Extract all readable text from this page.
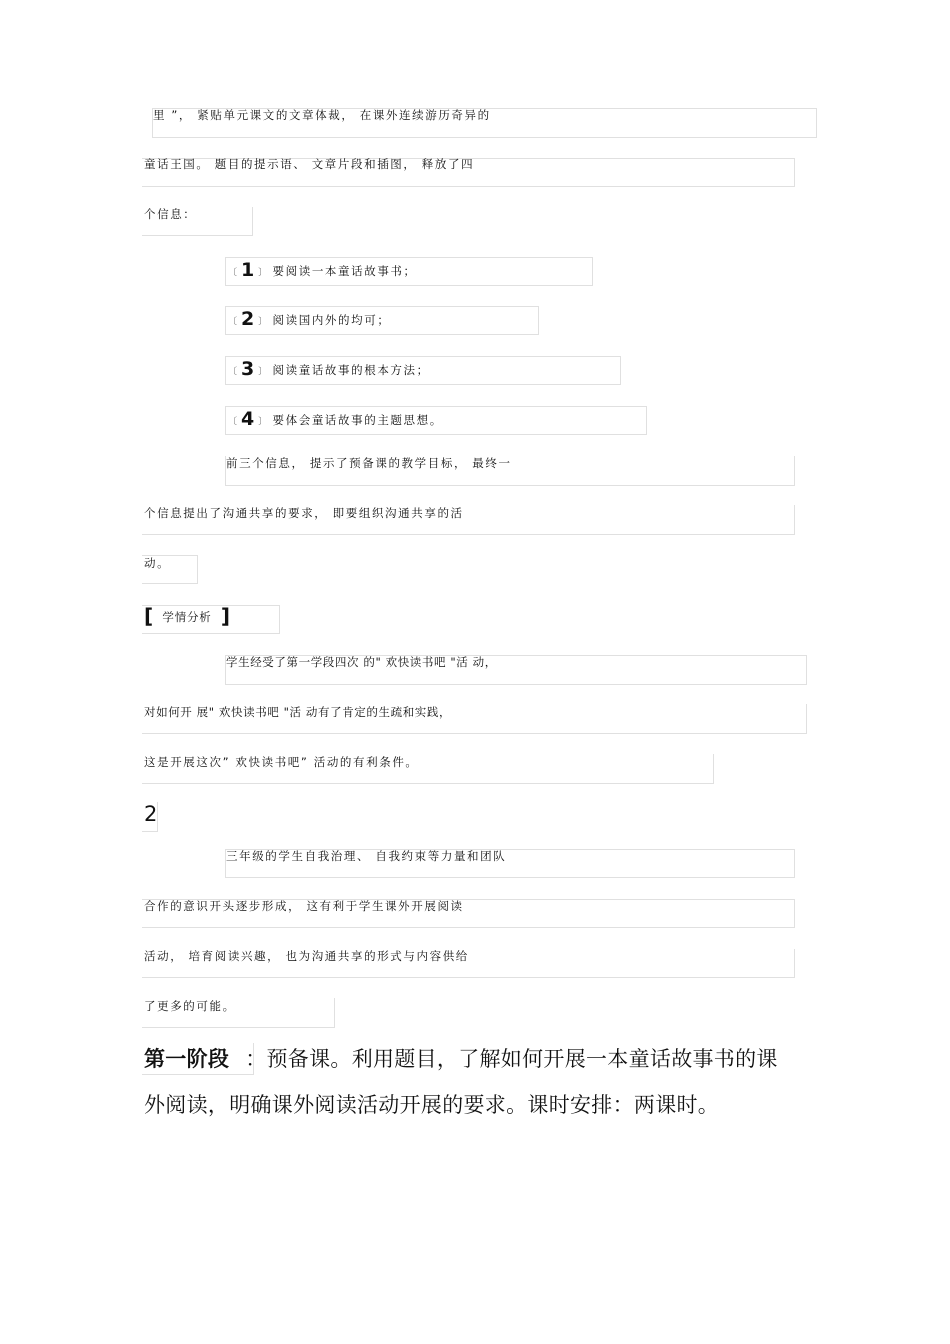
里 ”， 紧贴单元课文的文章体裁， 在课外连续游历奇异的
童话王国。 题目的提示语、 文章片段和插图， 释放了四
个信息：
〔 1 〕 要阅读一本童话故事书；
〔 2 〕 阅读国内外的均可；
〔 3 〕 阅读童话故事的根本方法；
〔 4 〕 要体会童话故事的主题思想。
前三个信息， 提示了预备课的教学目标， 最终一
个信息提出了沟通共享的要求， 即要组织沟通共享的活
动。
[ 学情分析 ]
学生经受了第一学段四次 的" 欢快读书吧 "活 动，
对如何开 展" 欢快读书吧 "活 动有了肯定的生疏和实践，
这是开展这次” 欢快读书吧” 活动的有利条件。
2
三年级的学生自我治理、 自我约束等力量和团队
合作的意识开头逐步形成， 这有利于学生课外开展阅读
活动， 培育阅读兴趣， 也为沟通共享的形式与内容供给
了更多的可能。
第一阶段 ：预备课。利用题目，了解如何开展一本童话故事书的课
外阅读，明确课外阅读活动开展的要求。课时安排：两课时。
